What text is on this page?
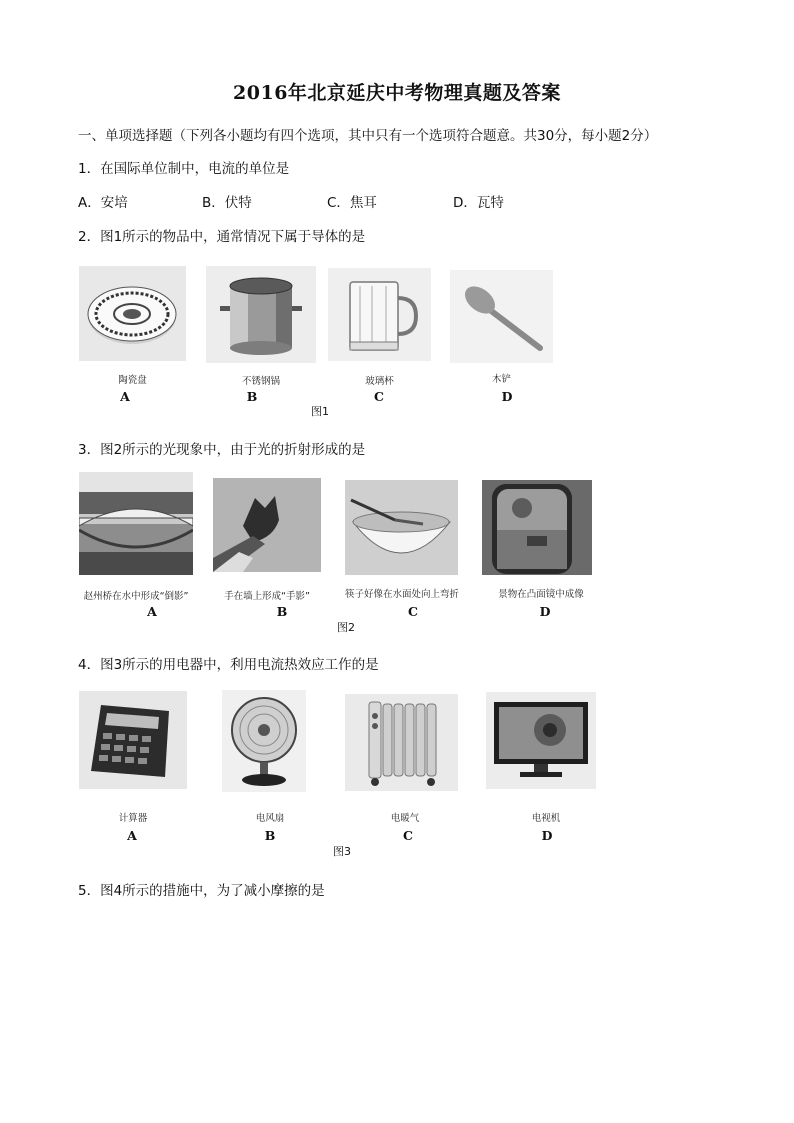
2016年北京延庆中考物理真题及答案
一、单项选择题（下列各小题均有四个选项，其中只有一个选项符合题意。共30分，每小题2分）
1．在国际单位制中，电流的单位是
A．安培	B．伏特	C．焦耳	D．瓦特
2．图1所示的物品中，通常情况下属于导体的是
陶瓷盘	不锈钢锅	玻璃杯	木铲
A	B	C	D
图1
3．图2所示的光现象中，由于光的折射形成的是
赵州桥在水中形成“倒影”	手在墙上形成“手影”	筷子好像在水面处向上弯折	景物在凸面镜中成像
A	B	C	D
图2
4．图3所示的用电器中，利用电流热效应工作的是
计算器	电风扇	电暖气	电视机
A	B	C	D
图3
5．图4所示的措施中，为了减小摩擦的是
